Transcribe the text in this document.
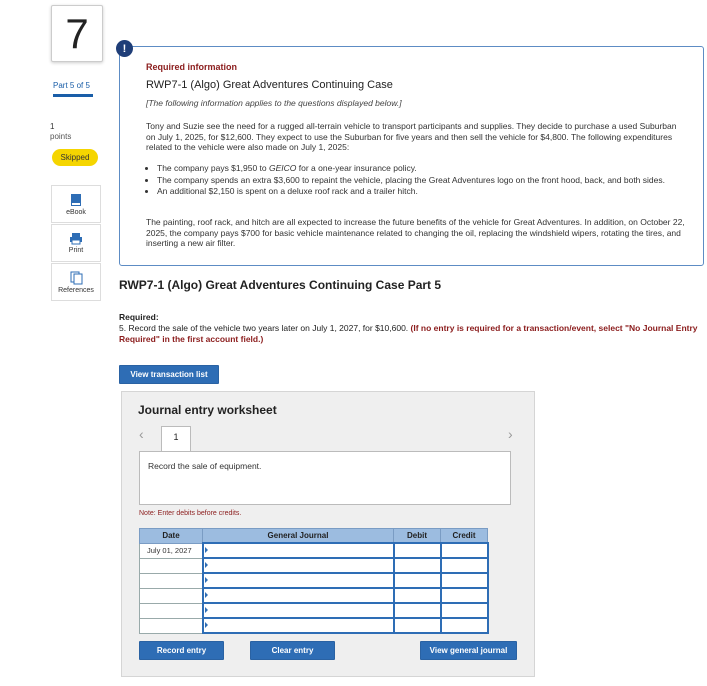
7
Part 5 of 5
1
points
Skipped
eBook
Print
References
!
Required information
RWP7-1 (Algo) Great Adventures Continuing Case
[The following information applies to the questions displayed below.]
Tony and Suzie see the need for a rugged all-terrain vehicle to transport participants and supplies. They decide to purchase a used Suburban on July 1, 2025, for $12,600. They expect to use the Suburban for five years and then sell the vehicle for $4,800. The following expenditures related to the vehicle were also made on July 1, 2025:
• The company pays $1,950 to GEICO for a one-year insurance policy.
• The company spends an extra $3,600 to repaint the vehicle, placing the Great Adventures logo on the front hood, back, and both sides.
• An additional $2,150 is spent on a deluxe roof rack and a trailer hitch.
The painting, roof rack, and hitch are all expected to increase the future benefits of the vehicle for Great Adventures. In addition, on October 22, 2025, the company pays $700 for basic vehicle maintenance related to changing the oil, replacing the windshield wipers, rotating the tires, and inserting a new air filter.
RWP7-1 (Algo) Great Adventures Continuing Case Part 5
Required:
5. Record the sale of the vehicle two years later on July 1, 2027, for $10,600. (If no entry is required for a transaction/event, select "No Journal Entry Required" in the first account field.)
View transaction list
Journal entry worksheet
‹	›
1
Record the sale of equipment.
Note: Enter debits before credits.
Date	General Journal	Debit	Credit
July 01, 2027			

Record entry	Clear entry	View general journal
